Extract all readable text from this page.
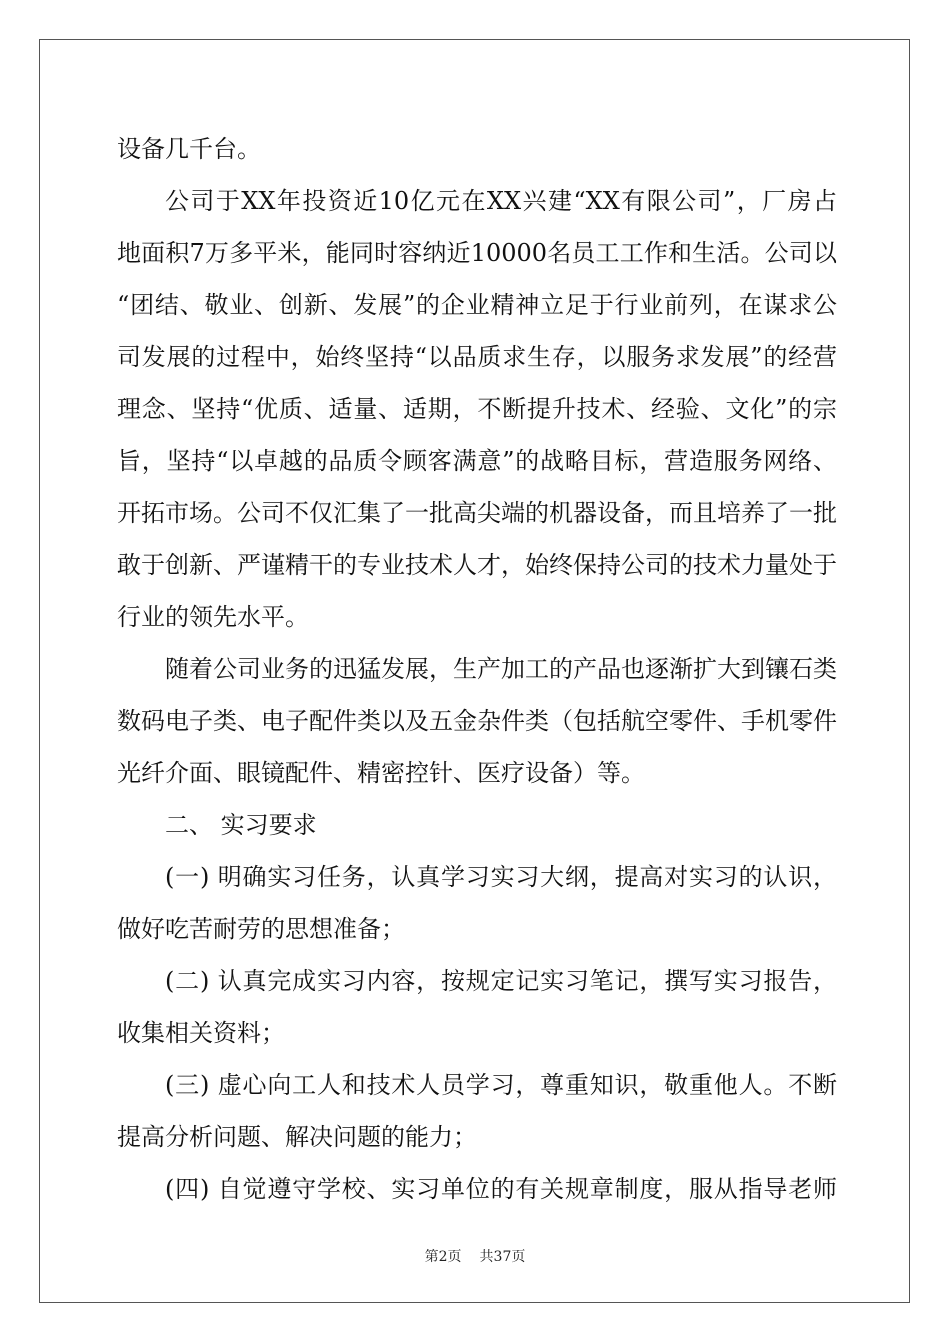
设备几千台。
公司于XX年投资近10亿元在XX兴建“XX有限公司”，厂房占
地面积7万多平米，能同时容纳近10000名员工工作和生活。公司以
“团结、敬业、创新、发展”的企业精神立足于行业前列，在谋求公
司发展的过程中，始终坚持“以品质求生存，以服务求发展”的经营
理念、坚持“优质、适量、适期，不断提升技术、经验、文化”的宗
旨，坚持“以卓越的品质令顾客满意”的战略目标，营造服务网络、
开拓市场。公司不仅汇集了一批高尖端的机器设备，而且培养了一批
敢于创新、严谨精干的专业技术人才，始终保持公司的技术力量处于
行业的领先水平。
随着公司业务的迅猛发展，生产加工的产品也逐渐扩大到镶石类
数码电子类、电子配件类以及五金杂件类（包括航空零件、手机零件
光纤介面、眼镜配件、精密控针、医疗设备）等。
二、 实习要求
(一) 明确实习任务，认真学习实习大纲，提高对实习的认识，
做好吃苦耐劳的思想准备；
(二) 认真完成实习内容，按规定记实习笔记，撰写实习报告，
收集相关资料；
(三) 虚心向工人和技术人员学习，尊重知识，敬重他人。不断
提高分析问题、解决问题的能力；
(四) 自觉遵守学校、实习单位的有关规章制度，服从指导老师
第2页 共37页
